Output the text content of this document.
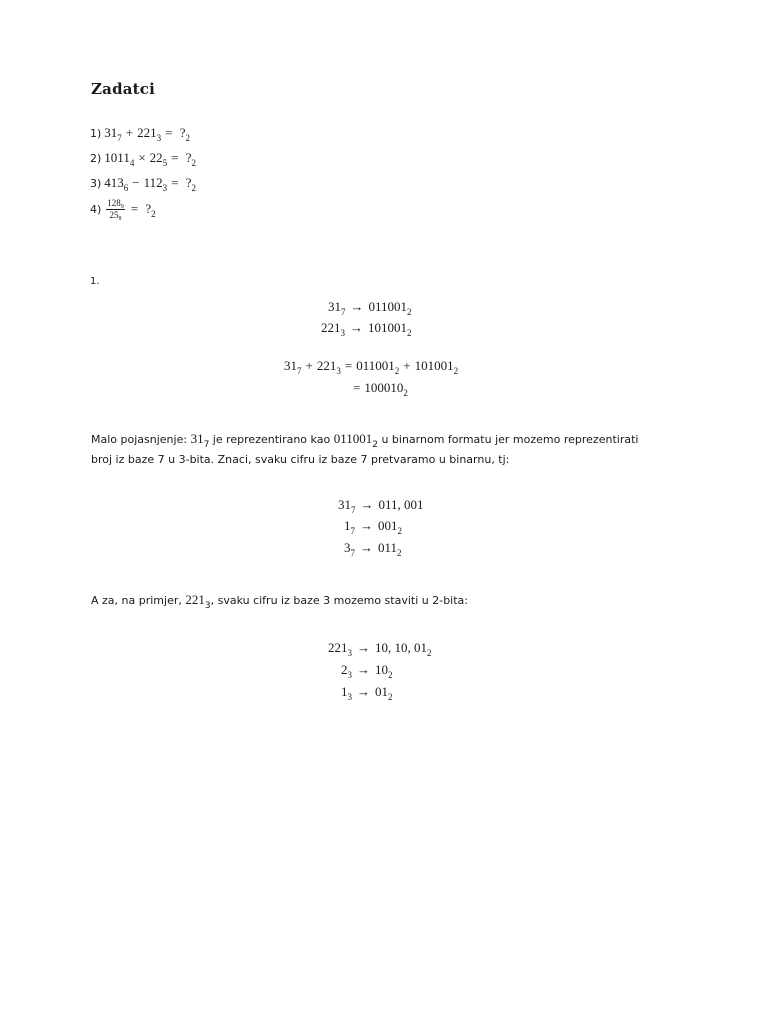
Zadatci
1) $31_7 + 221_3$ = $?_2$
2) $1011_4 \times 22_5$ = $?_2$
3) $413_6 - 112_3$ = $?_2$
$4) \frac{128_9}{25_8}$ = $?_2$
1.
$31_7 \to 011001_2$
$221_3 \to 101001_2$
$31_7 + 221_3 = 011001_2 + 101001_2$
= $100010_2$
Malo pojasnjenje: $31_7$ je reprezentirano kao $011001_2$ u binarnom formatu jer mozemo reprezentirati
broj iz baze 7 u 3-bita. Znaci, svaku cifru iz baze 7 pretvaramo u binarnu, tj:
$31_7 \to 011$, 001
$1_7 \to 001_2$
$3_7 \to 011_2$
A za, na primjer, $221_3$, svaku cifru iz baze 3 mozemo staviti u 2-bita:
$221_3 \to 10$, 10, $01_2$
$2_3 \to 10_2$
$1_3 \to 01_2$
